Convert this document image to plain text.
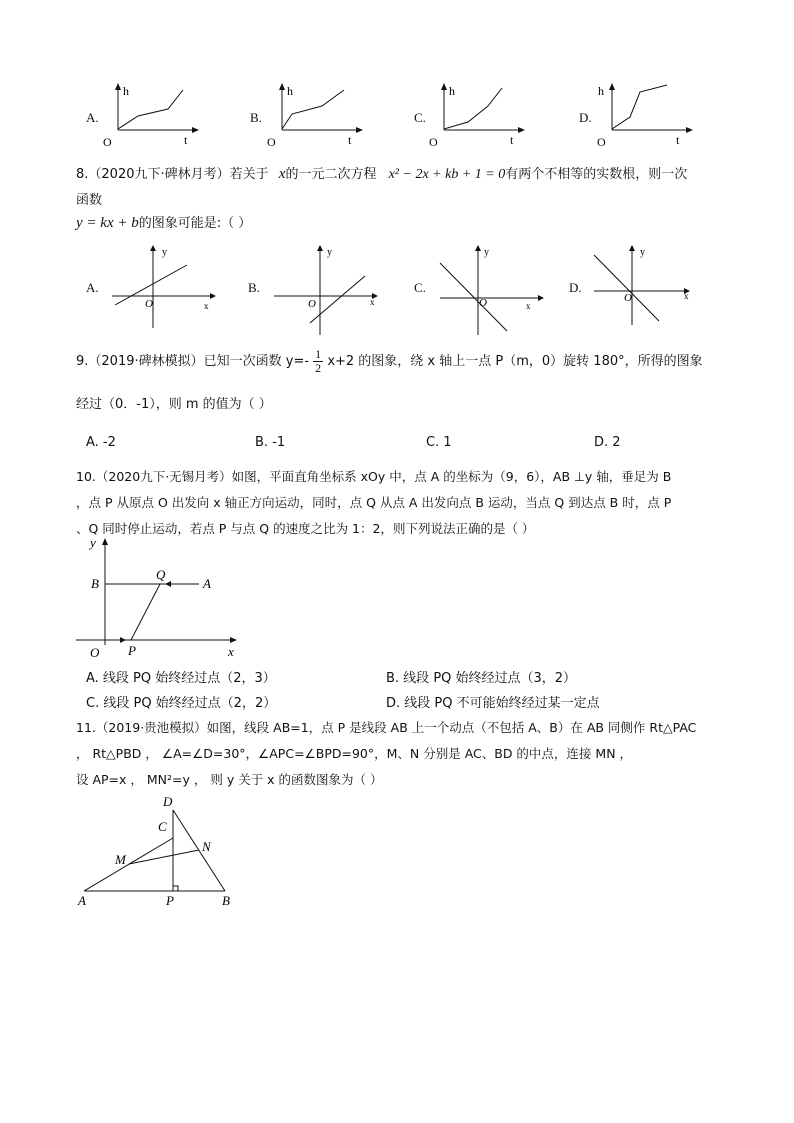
A.
h
t
O
B.
h
t
O
C.
h
t
O
D.
h
t
O
8.（2020九下·碑林月考）若关于 x的一元二次方程 x² − 2x + kb + 1 = 0有两个不相等的实数根，则一次
函数
y = kx + b的图象可能是:（ ）
A.
y
x
O
B.
y
x
O
C.
y
x
O
D.
y
x
O
9.（2019·碑林模拟）已知一次函数 $y=- \frac{1}{2} x+2$ 的图象，绕 x 轴上一点 P（m，0）旋转 180°，所得的图象
经过（0．-1），则 m 的值为（ ）
A. -2	B. -1	C. 1	D. 2
10.（2020九下·无锡月考）如图，平面直角坐标系 xOy 中，点 A 的坐标为（9，6），AB ⊥y 轴，垂足为 B
，点 P 从原点 O 出发向 x 轴正方向运动，同时，点 Q 从点 A 出发向点 B 运动，当点 Q 到达点 B 时，点 P
、Q 同时停止运动，若点 P 与点 Q 的速度之比为 1：2，则下列说法正确的是（ ）
y
x
B
Q
A
O P
A. 线段 PQ 始终经过点（2，3）	B. 线段 PQ 始终经过点（3，2）
C. 线段 PQ 始终经过点（2，2）	D. 线段 PQ 不可能始终经过某一定点
11.（2019·贵池模拟）如图，线段 AB=1，点 P 是线段 AB 上一个动点（不包括 A、B）在 AB 同侧作 Rt△PAC
， Rt△PBD ， ∠A=∠D=30°，∠APC=∠BPD=90°，M、N 分别是 AC、BD 的中点，连接 MN ，
设 AP=x ， MN²=y ， 则 y 关于 x 的函数图象为（ ）
D
C
M
N
A	P	B
